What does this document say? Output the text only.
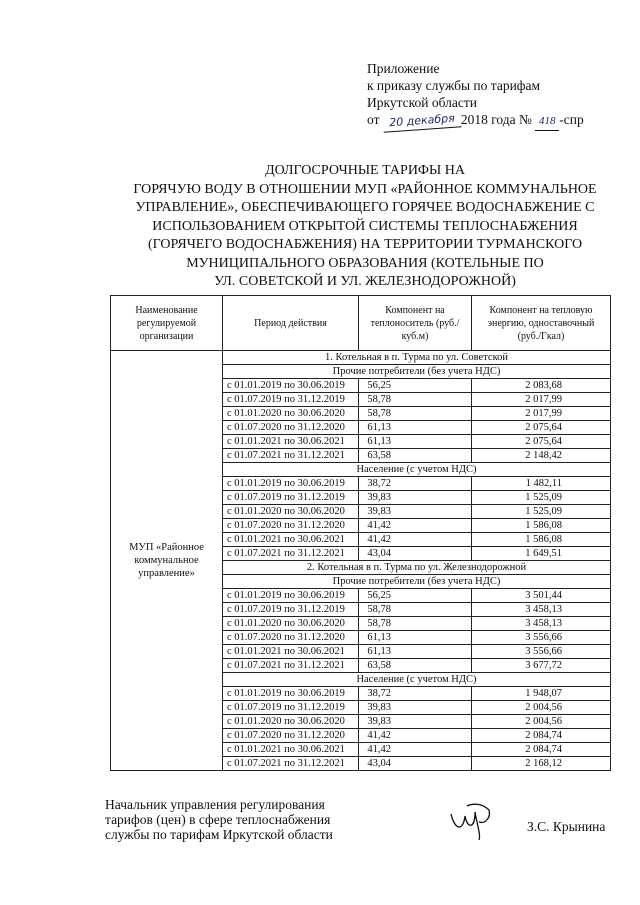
Приложение
к приказу службы по тарифам
Иркутской области
от 20 декабря 2018 года № 418 -спр
ДОЛГОСРОЧНЫЕ ТАРИФЫ НА
ГОРЯЧУЮ ВОДУ В ОТНОШЕНИИ МУП «РАЙОННОЕ КОММУНАЛЬНОЕ
УПРАВЛЕНИЕ», ОБЕСПЕЧИВАЮЩЕГО ГОРЯЧЕЕ ВОДОСНАБЖЕНИЕ С
ИСПОЛЬЗОВАНИЕМ ОТКРЫТОЙ СИСТЕМЫ ТЕПЛОСНАБЖЕНИЯ
(ГОРЯЧЕГО ВОДОСНАБЖЕНИЯ) НА ТЕРРИТОРИИ ТУРМАНСКОГО
МУНИЦИПАЛЬНОГО ОБРАЗОВАНИЯ (КОТЕЛЬНЫЕ ПО
УЛ. СОВЕТСКОЙ И УЛ. ЖЕЛЕЗНОДОРОЖНОЙ)
Наименование регулируемой организации	Период действия	Компонент на теплоноситель (руб./куб.м)	Компонент на тепловую энергию, одноставочный (руб./Гкал)
МУП «Районное коммунальное управление»	1. Котельная в п. Турма по ул. Советской		
	Прочие потребители (без учета НДС)		
	с 01.01.2019 по 30.06.2019	56,25	2 083,68
	с 01.07.2019 по 31.12.2019	58,78	2 017,99
	с 01.01.2020 по 30.06.2020	58,78	2 017,99
	с 01.07.2020 по 31.12.2020	61,13	2 075,64
	с 01.01.2021 по 30.06.2021	61,13	2 075,64
	с 01.07.2021 по 31.12.2021	63,58	2 148,42
	Население (с учетом НДС)		
	с 01.01.2019 по 30.06.2019	38,72	1 482,11
	с 01.07.2019 по 31.12.2019	39,83	1 525,09
	с 01.01.2020 по 30.06.2020	39,83	1 525,09
	с 01.07.2020 по 31.12.2020	41,42	1 586,08
	с 01.01.2021 по 30.06.2021	41,42	1 586,08
	с 01.07.2021 по 31.12.2021	43,04	1 649,51
	2. Котельная в п. Турма по ул. Железнодорожной		
	Прочие потребители (без учета НДС)		
	с 01.01.2019 по 30.06.2019	56,25	3 501,44
	с 01.07.2019 по 31.12.2019	58,78	3 458,13
	с 01.01.2020 по 30.06.2020	58,78	3 458,13
	с 01.07.2020 по 31.12.2020	61,13	3 556,66
	с 01.01.2021 по 30.06.2021	61,13	3 556,66
	с 01.07.2021 по 31.12.2021	63,58	3 677,72
	Население (с учетом НДС)		
	с 01.01.2019 по 30.06.2019	38,72	1 948,07
	с 01.07.2019 по 31.12.2019	39,83	2 004,56
	с 01.01.2020 по 30.06.2020	39,83	2 004,56
	с 01.07.2020 по 31.12.2020	41,42	2 084,74
	с 01.01.2021 по 30.06.2021	41,42	2 084,74
	с 01.07.2021 по 31.12.2021	43,04	2 168,12
Начальник управления регулирования
тарифов (цен) в сфере теплоснабжения
службы по тарифам Иркутской области
З.С. Крынина
